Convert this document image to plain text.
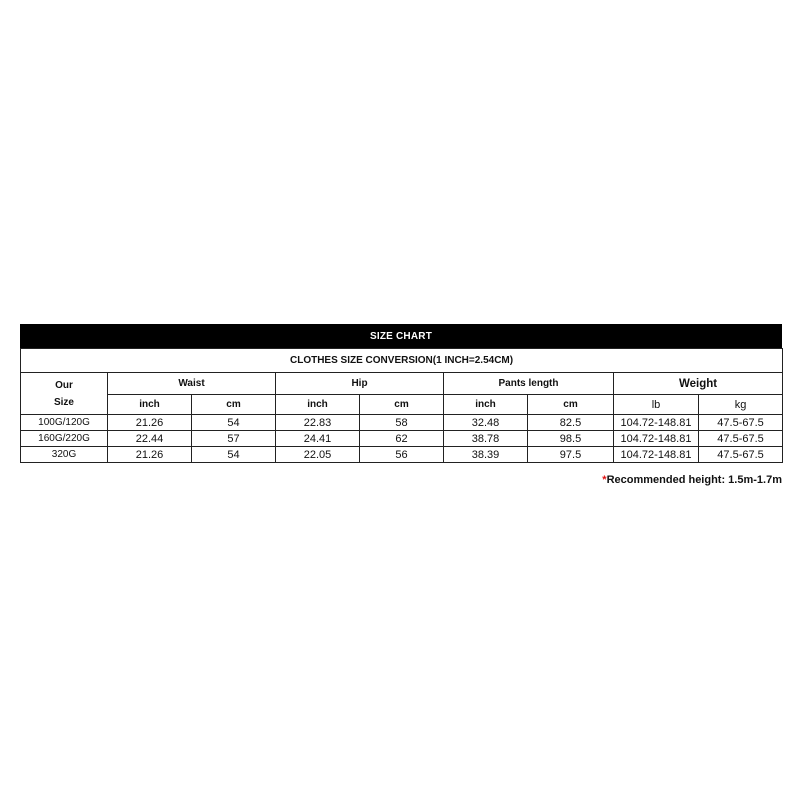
SIZE CHART
CLOTHES SIZE CONVERSION(1 INCH=2.54CM)								
Our
Size	Waist		Hip		Pants length		Weight	
	inch	cm	inch	cm	inch	cm	lb	kg
100G/120G	21.26	54	22.83	58	32.48	82.5	104.72-148.81	47.5-67.5
160G/220G	22.44	57	24.41	62	38.78	98.5	104.72-148.81	47.5-67.5
320G	21.26	54	22.05	56	38.39	97.5	104.72-148.81	47.5-67.5
*Recommended height: 1.5m-1.7m
